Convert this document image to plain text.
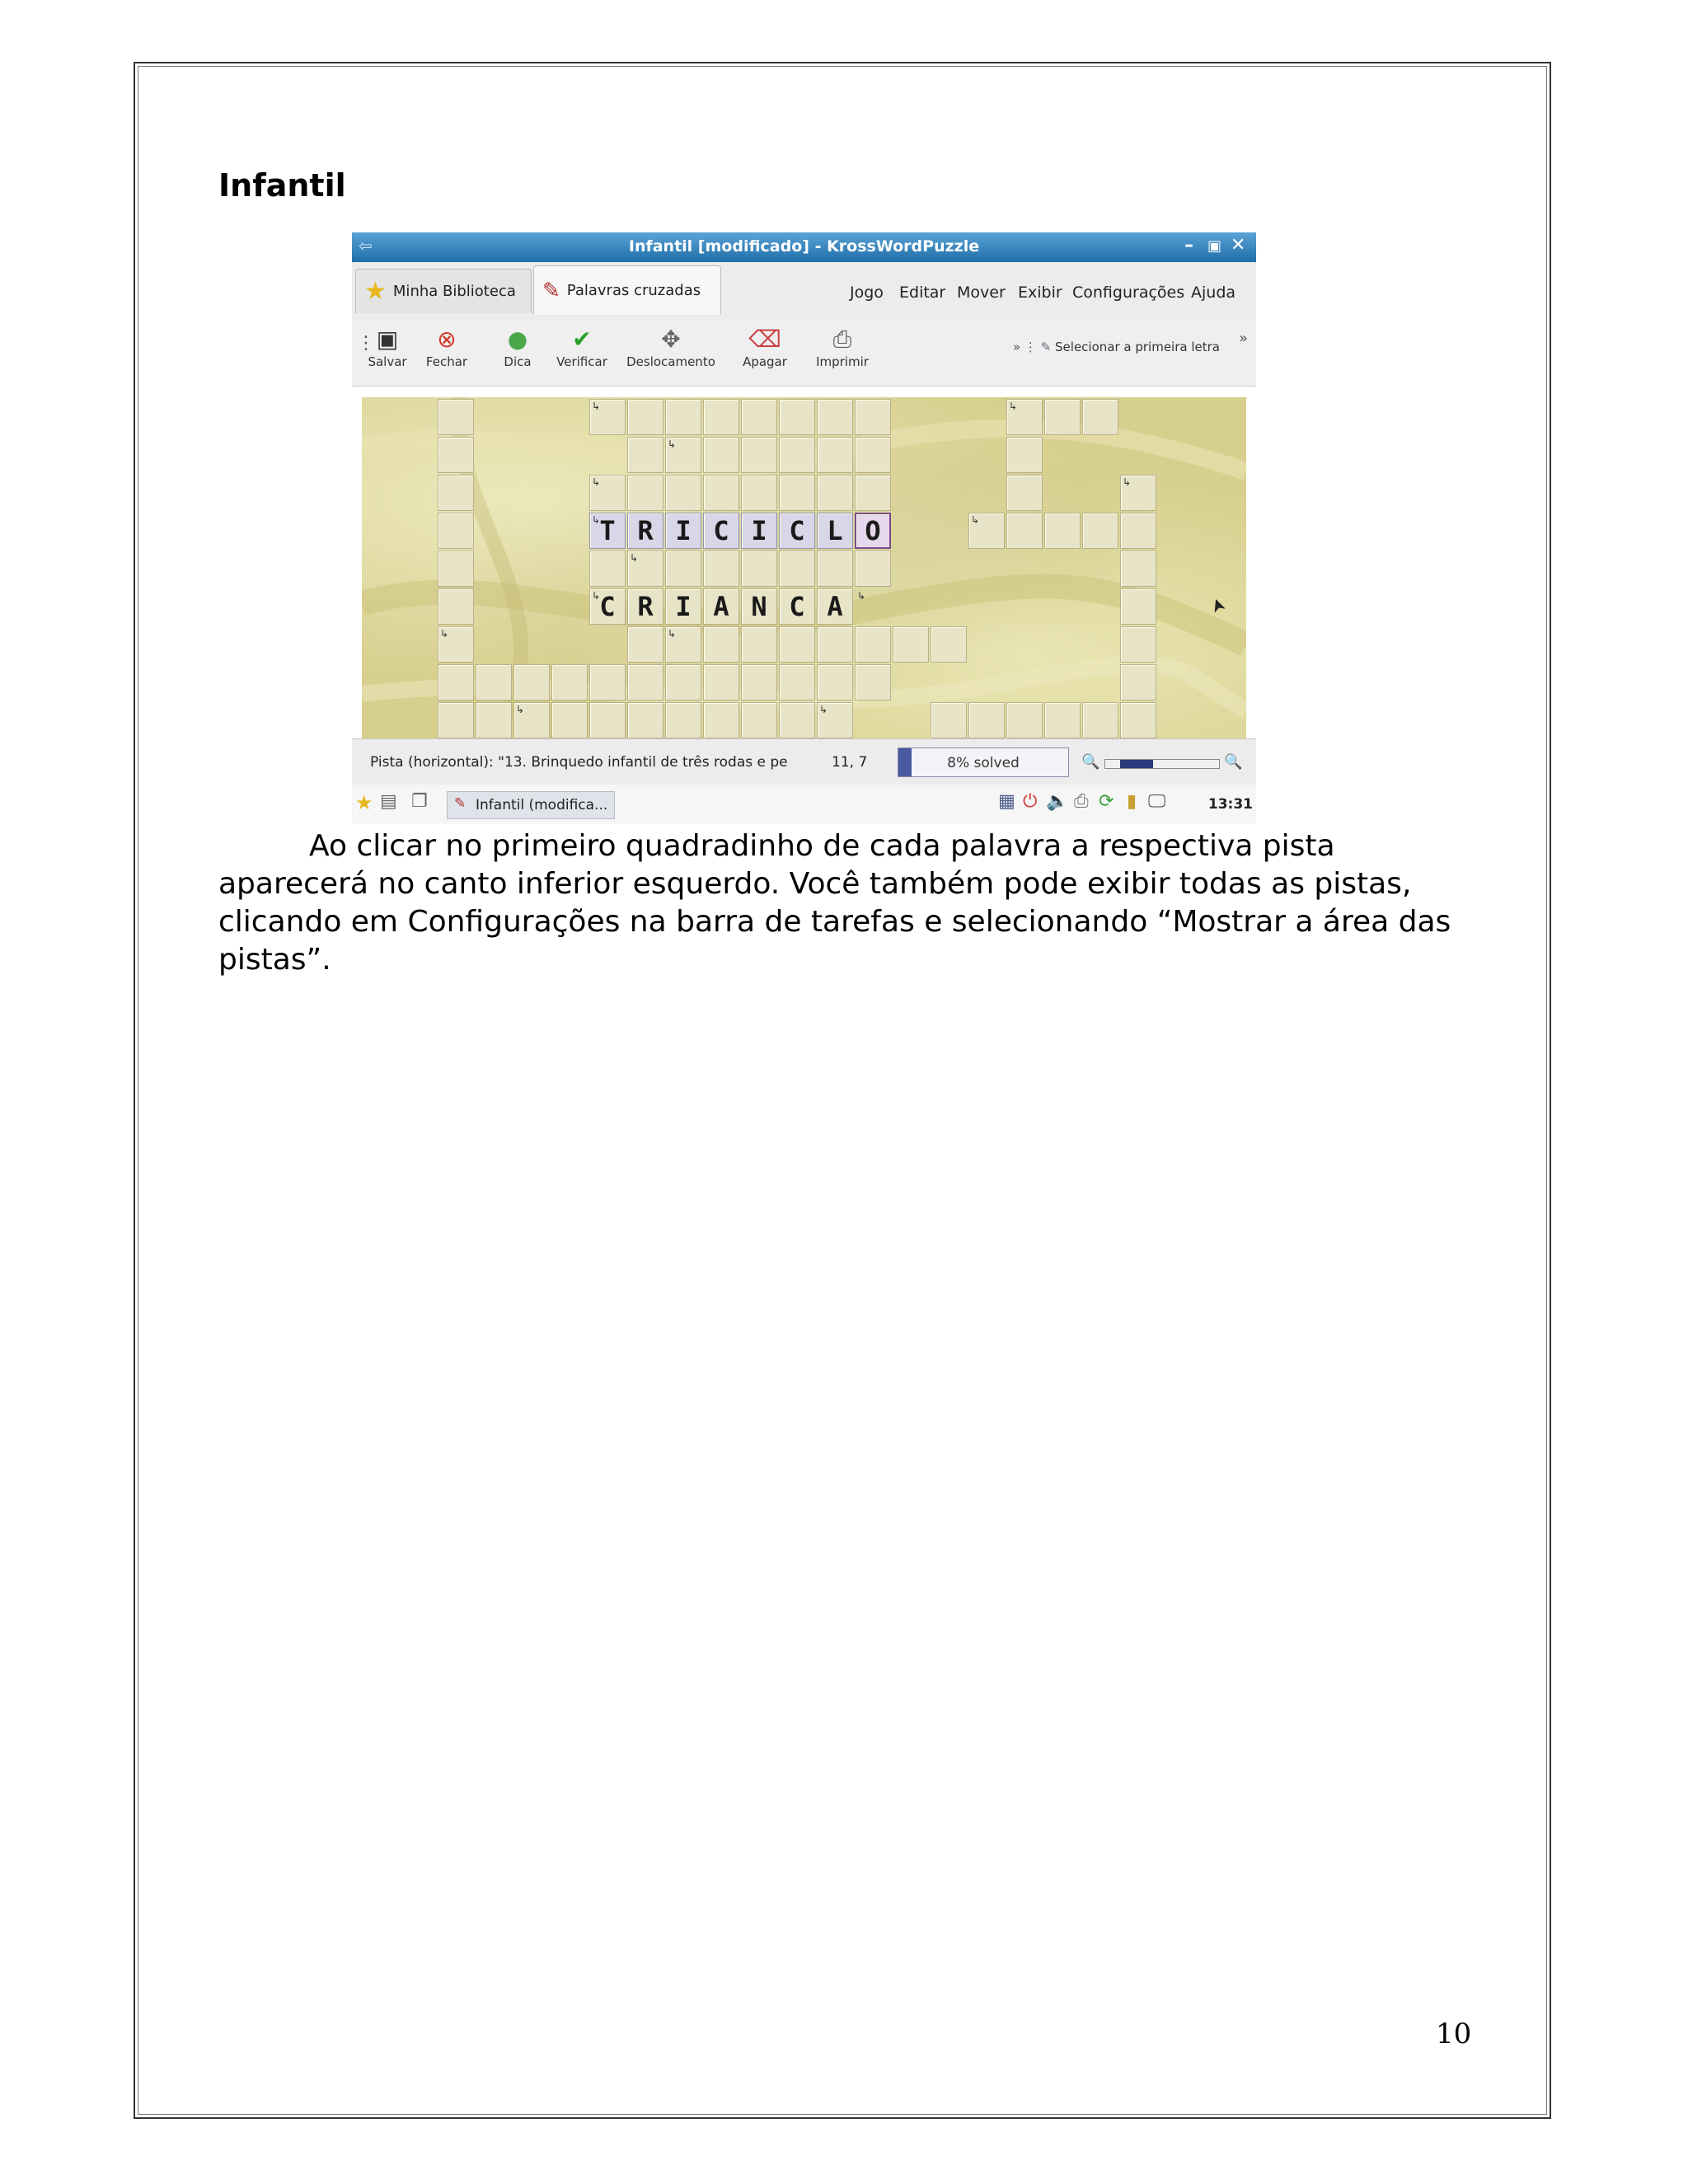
Infantil
⇦	Infantil [modificado] - KrossWordPuzzle	– ▣ ✕
★ Minha Biblioteca ✎ Palavras cruzadas	Jogo Editar Mover Exibir Configurações Ajuda
⋮ ▣
Salvar
⊗
Fechar
●
Dica
✔
Verificar
✥
Deslocamento
⌫
Apagar
⎙
Imprimir
» ⋮ ✎ Selecionar a primeira letra »
T R I C I C L O
C R I A N C A
↳
↳
↳
↳
↳ ↳ ↳
↳
↳
↳
↳
↳
↳
↳	➤
Pista (horizontal): "13. Brinquedo infantil de três rodas e pe	11, 7	8% solved	🔍	🔍
★ ▤ ❐ ✎ Infantil (modifica...	▦ ⏻ 🔈 ⎙ ⟳ ▮ 🖵	13:31

Ao clicar no primeiro quadradinho de cada palavra a respectiva pista aparecerá no canto inferior esquerdo. Você também pode exibir todas as pistas, clicando em Configurações na barra de tarefas e selecionando “Mostrar a área das pistas”.

10
